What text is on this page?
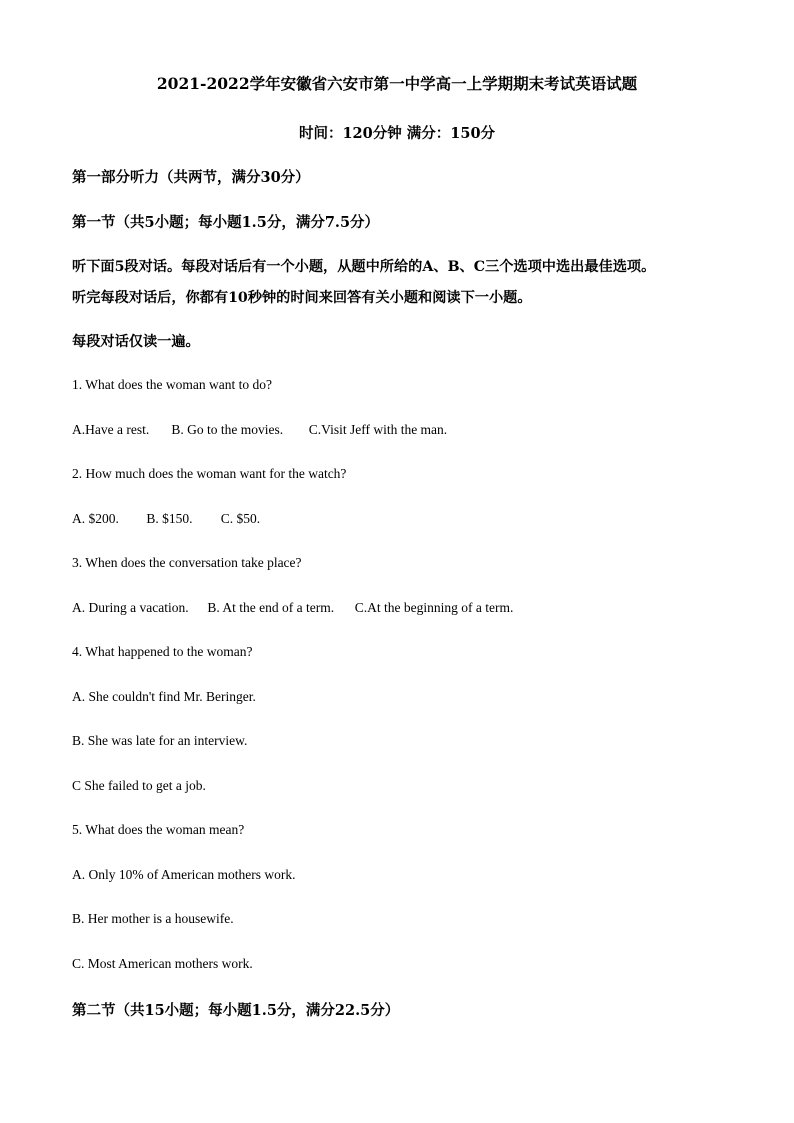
2021-2022学年安徽省六安市第一中学高一上学期期末考试英语试题
时间：120分钟 满分：150分
第一部分听力（共两节，满分30分）
第一节（共5小题；每小题1.5分，满分7.5分）
听下面5段对话。每段对话后有一个小题，从题中所给的A、B、C三个选项中选出最佳选项。
听完每段对话后，你都有10秒钟的时间来回答有关小题和阅读下一小题。
每段对话仅读一遍。
1. What does the woman want to do?
A.Have a rest. B. Go to the movies. C.Visit Jeff with the man.
2. How much does the woman want for the watch?
A. $200. B. $150. C. $50.
3. When does the conversation take place?
A. During a vacation. B. At the end of a term. C.At the beginning of a term.
4. What happened to the woman?
A. She couldn't find Mr. Beringer.
B. She was late for an interview.
C She failed to get a job.
5. What does the woman mean?
A. Only 10% of American mothers work.
B. Her mother is a housewife.
C. Most American mothers work.
第二节（共15小题；每小题1.5分，满分22.5分）
